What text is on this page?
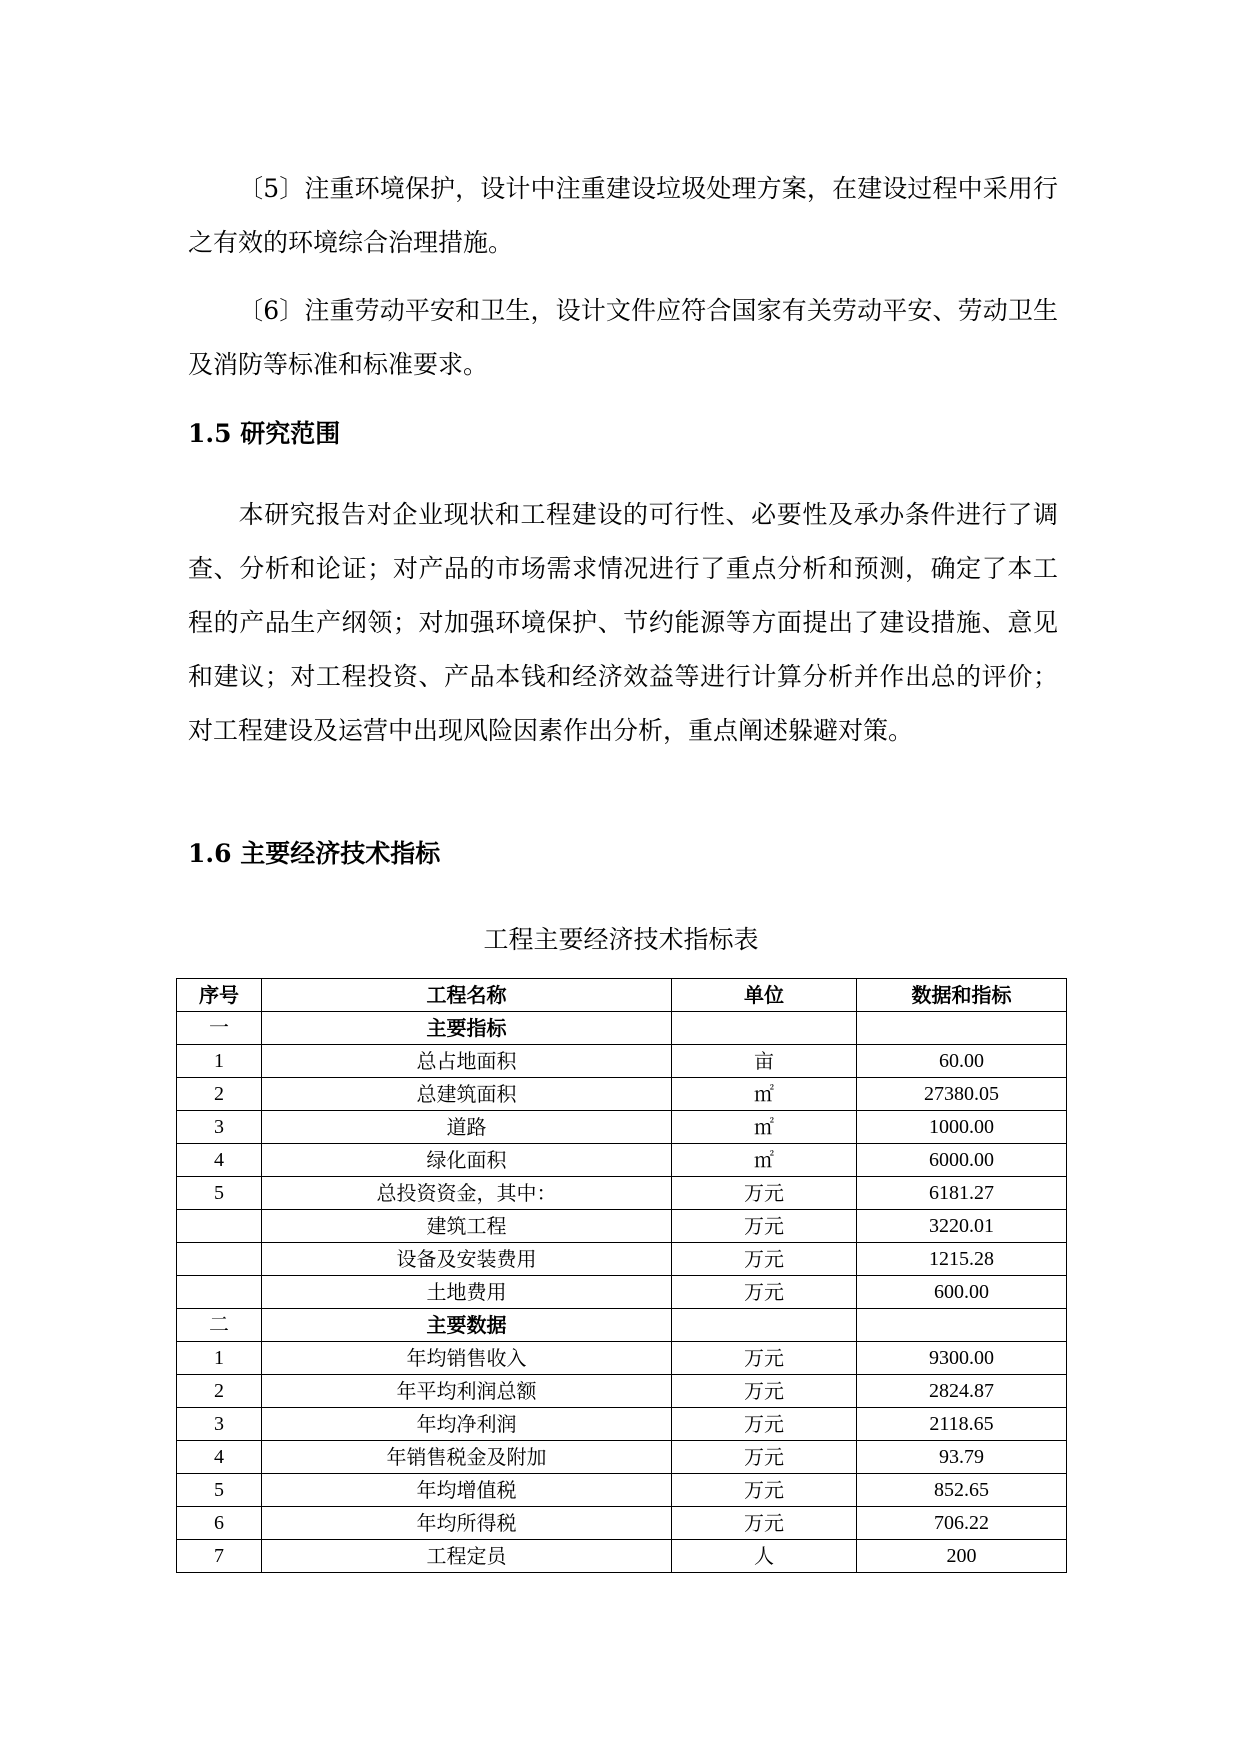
〔5〕注重环境保护，设计中注重建设垃圾处理方案，在建设过程中采用行之有效的环境综合治理措施。

〔6〕注重劳动平安和卫生，设计文件应符合国家有关劳动平安、劳动卫生及消防等标准和标准要求。

1.5 研究范围

本研究报告对企业现状和工程建设的可行性、必要性及承办条件进行了调查、分析和论证；对产品的市场需求情况进行了重点分析和预测，确定了本工程的产品生产纲领；对加强环境保护、节约能源等方面提出了建设措施、意见和建议；对工程投资、产品本钱和经济效益等进行计算分析并作出总的评价；对工程建设及运营中出现风险因素作出分析，重点阐述躲避对策。

1.6 主要经济技术指标

工程主要经济技术指标表

序号	工程名称	单位	数据和指标
一	主要指标		
1	总占地面积	亩	60.00
2	总建筑面积	㎡	27380.05
3	道路	㎡	1000.00
4	绿化面积	㎡	6000.00
5	总投资资金，其中：	万元	6181.27
	建筑工程	万元	3220.01
	设备及安装费用	万元	1215.28
	土地费用	万元	600.00
二	主要数据		
1	年均销售收入	万元	9300.00
2	年平均利润总额	万元	2824.87
3	年均净利润	万元	2118.65
4	年销售税金及附加	万元	93.79
5	年均增值税	万元	852.65
6	年均所得税	万元	706.22
7	工程定员	人	200
